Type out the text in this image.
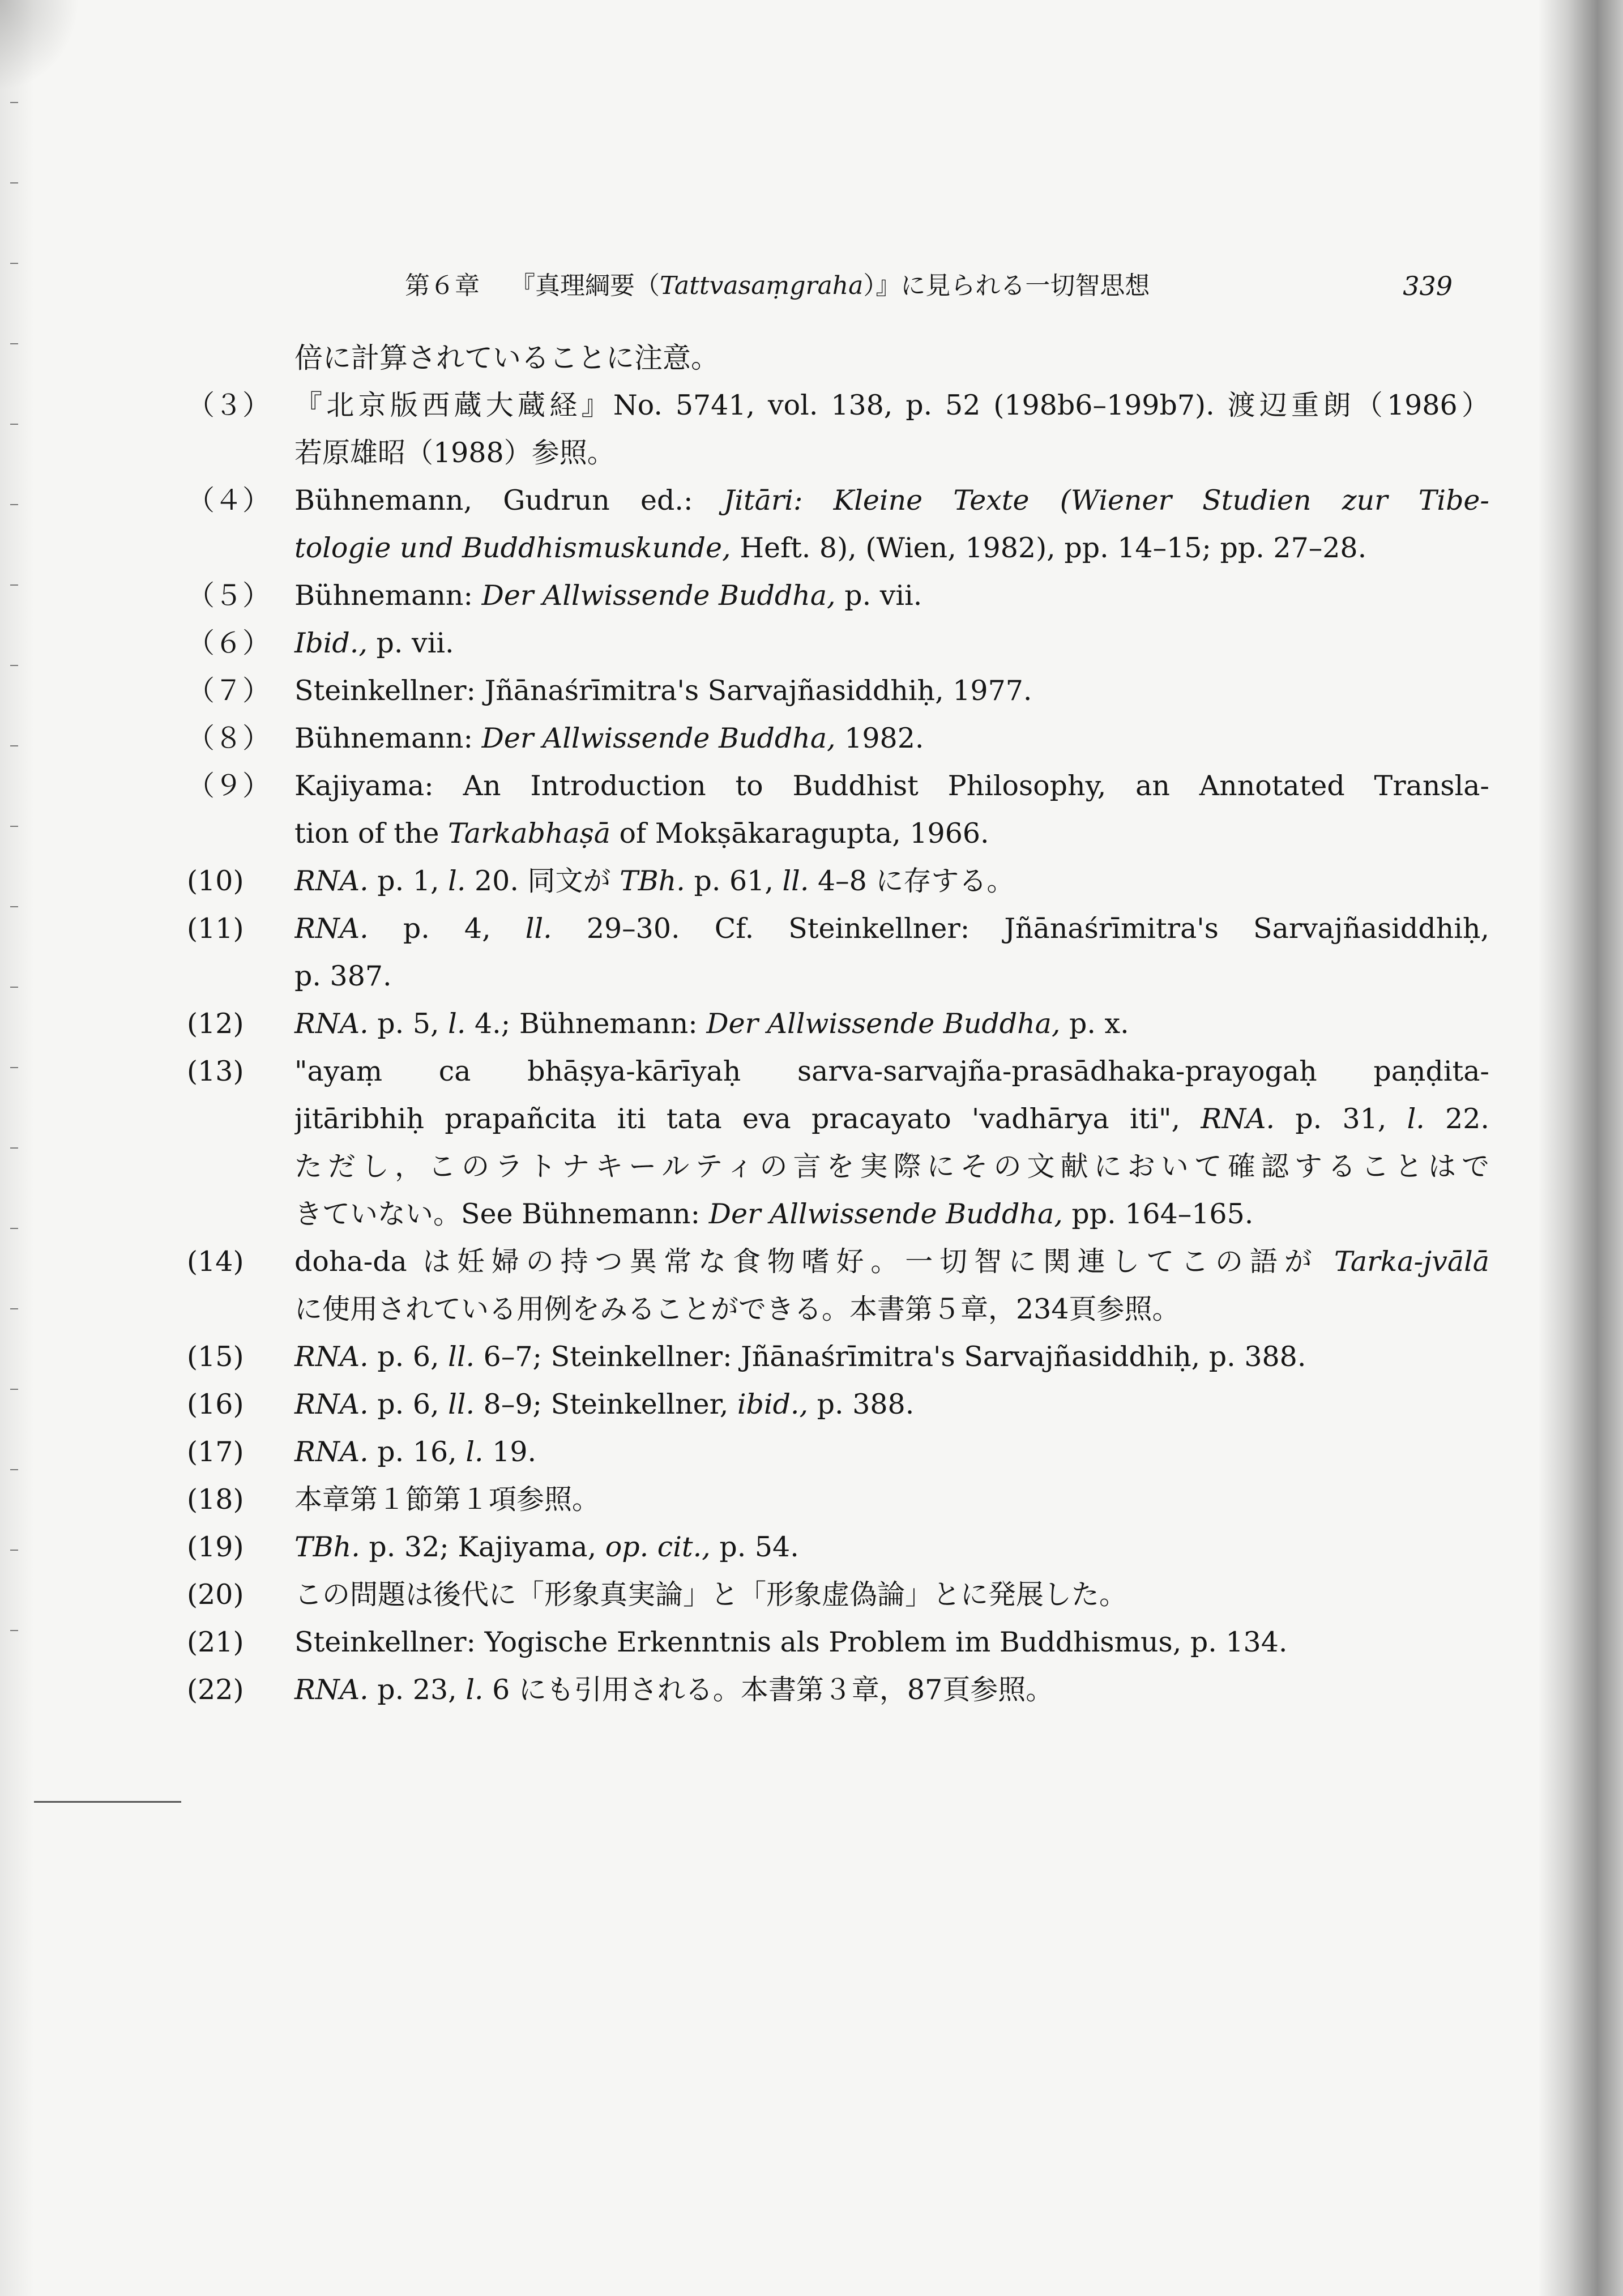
第６章 『真理綱要（Tattvasaṃgraha）』に見られる一切智思想	339
倍に計算されていることに注意。
（３） 『北京版西蔵大蔵経』No. 5741, vol. 138, p. 52 (198b6–199b7). 渡辺重朗（1986）
若原雄昭（1988）参照。
（４） Bühnemann, Gudrun ed.: Jitāri: Kleine Texte (Wiener Studien zur Tibe-
tologie und Buddhismuskunde, Heft. 8), (Wien, 1982), pp. 14–15; pp. 27–28.
（５） Bühnemann: Der Allwissende Buddha, p. vii.
（６） Ibid., p. vii.
（７） Steinkellner: Jñānaśrīmitra's Sarvajñasiddhiḥ, 1977.
（８） Bühnemann: Der Allwissende Buddha, 1982.
（９） Kajiyama: An Introduction to Buddhist Philosophy, an Annotated Transla-
tion of the Tarkabhaṣā of Mokṣākaragupta, 1966.
(10)	RNA. p. 1, l. 20. 同文が TBh. p. 61, ll. 4–8 に存する。
(11)	RNA. p. 4, ll. 29–30. Cf. Steinkellner: Jñānaśrīmitra's Sarvajñasiddhiḥ,
p. 387.
(12)	RNA. p. 5, l. 4.; Bühnemann: Der Allwissende Buddha, p. x.
(13)	"ayaṃ ca bhāṣya-kārīyaḥ sarva-sarvajña-prasādhaka-prayogaḥ paṇḍita-
jitāribhiḥ prapañcita iti tata eva pracayato 'vadhārya iti", RNA. p. 31, l. 22.
ただし，このラトナキールティの言を実際にその文献において確認することはで
きていない。See Bühnemann: Der Allwissende Buddha, pp. 164–165.
(14)	doha-da は妊婦の持つ異常な食物嗜好。一切智に関連してこの語が Tarka-jvālā
に使用されている用例をみることができる。本書第５章，234頁参照。
(15)	RNA. p. 6, ll. 6–7; Steinkellner: Jñānaśrīmitra's Sarvajñasiddhiḥ, p. 388.
(16)	RNA. p. 6, ll. 8–9; Steinkellner, ibid., p. 388.
(17)	RNA. p. 16, l. 19.
(18)	本章第１節第１項参照。
(19)	TBh. p. 32; Kajiyama, op. cit., p. 54.
(20)	この問題は後代に「形象真実論」と「形象虚偽論」とに発展した。
(21)	Steinkellner: Yogische Erkenntnis als Problem im Buddhismus, p. 134.
(22)	RNA. p. 23, l. 6 にも引用される。本書第３章，87頁参照。
